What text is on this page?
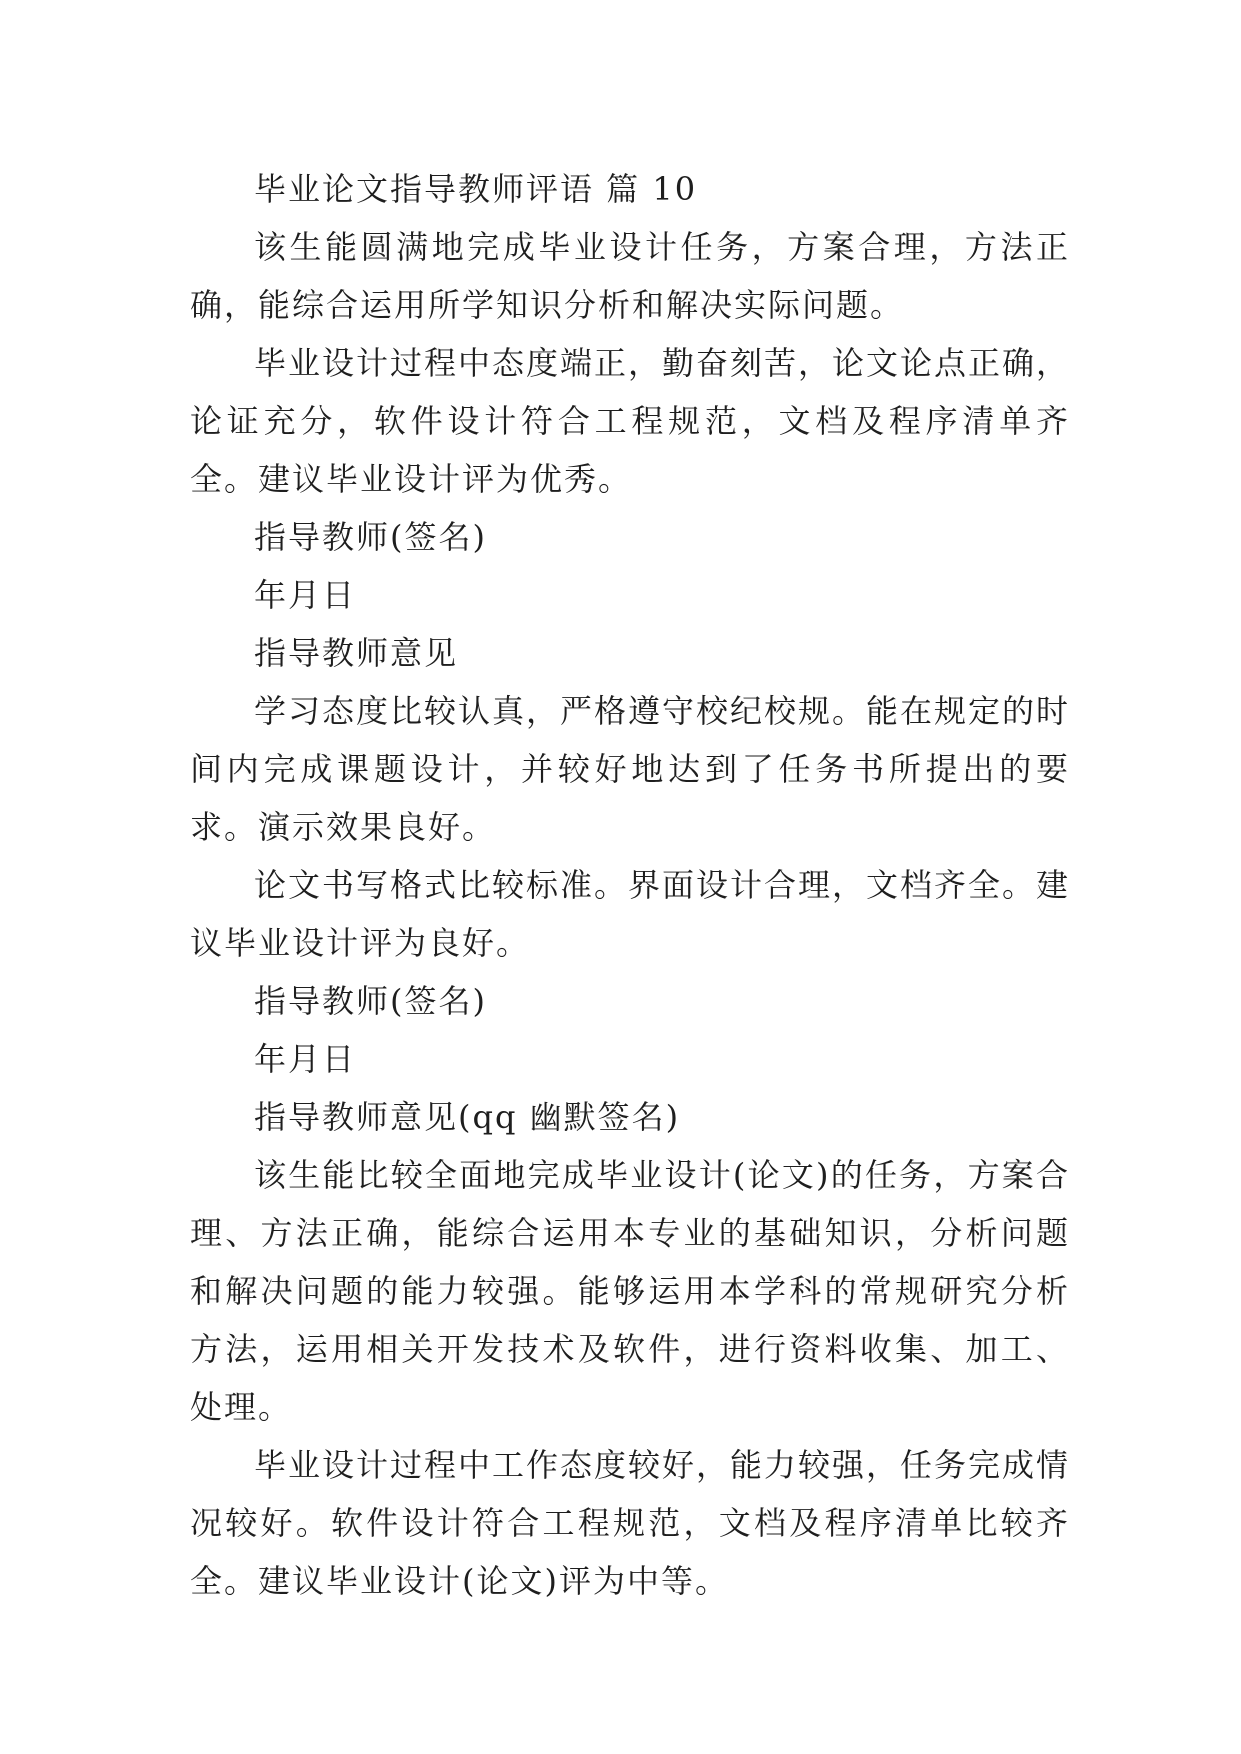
毕业论文指导教师评语 篇 10

该生能圆满地完成毕业设计任务，方案合理，方法正确，能综合运用所学知识分析和解决实际问题。

毕业设计过程中态度端正，勤奋刻苦，论文论点正确，论证充分，软件设计符合工程规范，文档及程序清单齐全。建议毕业设计评为优秀。

指导教师(签名)

年月日

指导教师意见

学习态度比较认真，严格遵守校纪校规。能在规定的时间内完成课题设计，并较好地达到了任务书所提出的要求。演示效果良好。

论文书写格式比较标准。界面设计合理，文档齐全。建议毕业设计评为良好。

指导教师(签名)

年月日

指导教师意见(qq 幽默签名)

该生能比较全面地完成毕业设计(论文)的任务，方案合理、方法正确，能综合运用本专业的基础知识，分析问题和解决问题的能力较强。能够运用本学科的常规研究分析方法，运用相关开发技术及软件，进行资料收集、加工、处理。

毕业设计过程中工作态度较好，能力较强，任务完成情况较好。软件设计符合工程规范，文档及程序清单比较齐全。建议毕业设计(论文)评为中等。
